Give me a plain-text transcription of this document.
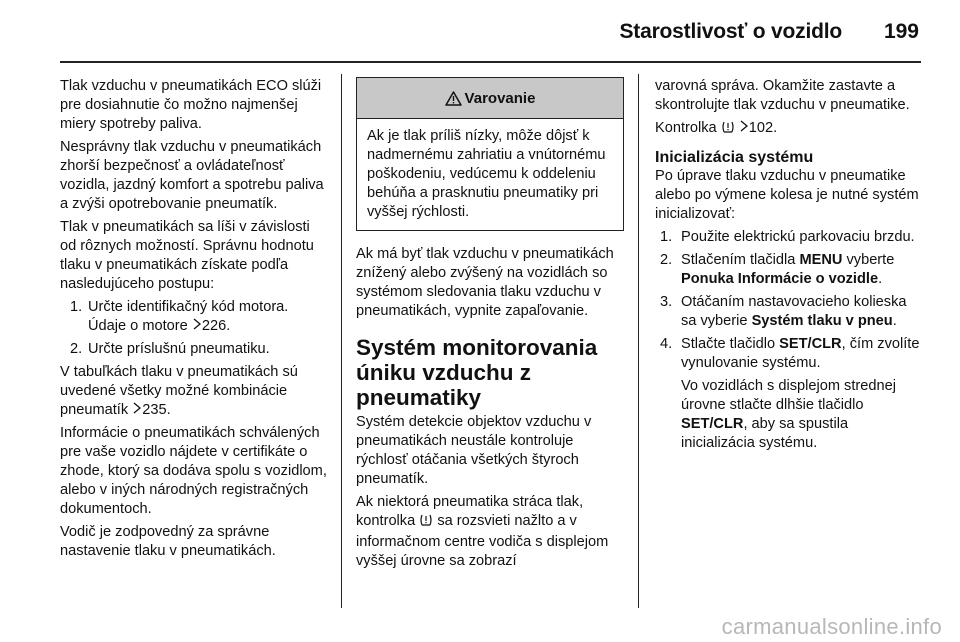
Starostlivosť o vozidlo 199

Tlak vzduchu v pneumatikách ECO slúži pre dosiahnutie čo možno najmenšej miery spotreby paliva.

Nesprávny tlak vzduchu v pneumatikách zhorší bezpečnosť a ovládateľnosť vozidla, jazdný komfort a spotrebu paliva a zvýši opotrebovanie pneumatík.

Tlak v pneumatikách sa líši v závislosti od rôznych možností. Správnu hodnotu tlaku v pneumatikách získate podľa nasledujúceho postupu:

1. Určte identifikačný kód motora. Údaje o motore 226.
2. Určte príslušnú pneumatiku.

V tabuľkách tlaku v pneumatikách sú uvedené všetky možné kombinácie pneumatík 235.

Informácie o pneumatikách schválených pre vaše vozidlo nájdete v certifikáte o zhode, ktorý sa dodáva spolu s vozidlom, alebo v iných národných registračných dokumentoch.

Vodič je zodpovedný za správne nastavenie tlaku v pneumatikách.

Varovanie
Ak je tlak príliš nízky, môže dôjsť k nadmernému zahriatiu a vnútornému poškodeniu, vedúcemu k oddeleniu behúňa a prasknutiu pneumatiky pri vyššej rýchlosti.

Ak má byť tlak vzduchu v pneumatikách znížený alebo zvýšený na vozidlách so systémom sledovania tlaku vzduchu v pneumatikách, vypnite zapaľovanie.

Systém monitorovania úniku vzduchu z pneumatiky

Systém detekcie objektov vzduchu v pneumatikách neustále kontroluje rýchlosť otáčania všetkých štyroch pneumatík.

Ak niektorá pneumatika stráca tlak, kontrolka sa rozsvieti nažlto a v informačnom centre vodiča s displejom vyššej úrovne sa zobrazí

varovná správa. Okamžite zastavte a skontrolujte tlak vzduchu v pneumatike.

Kontrolka 102.

Inicializácia systému

Po úprave tlaku vzduchu v pneumatike alebo po výmene kolesa je nutné systém inicializovať:

1. Použite elektrickú parkovaciu brzdu.
2. Stlačením tlačidla MENU vyberte Ponuka Informácie o vozidle.
3. Otáčaním nastavovacieho kolieska sa vyberie Systém tlaku v pneu.
4. Stlačte tlačidlo SET/CLR, čím zvolíte vynulovanie systému.
Vo vozidlách s displejom strednej úrovne stlačte dlhšie tlačidlo SET/CLR, aby sa spustila inicializácia systému.
carmanualsonline.info
